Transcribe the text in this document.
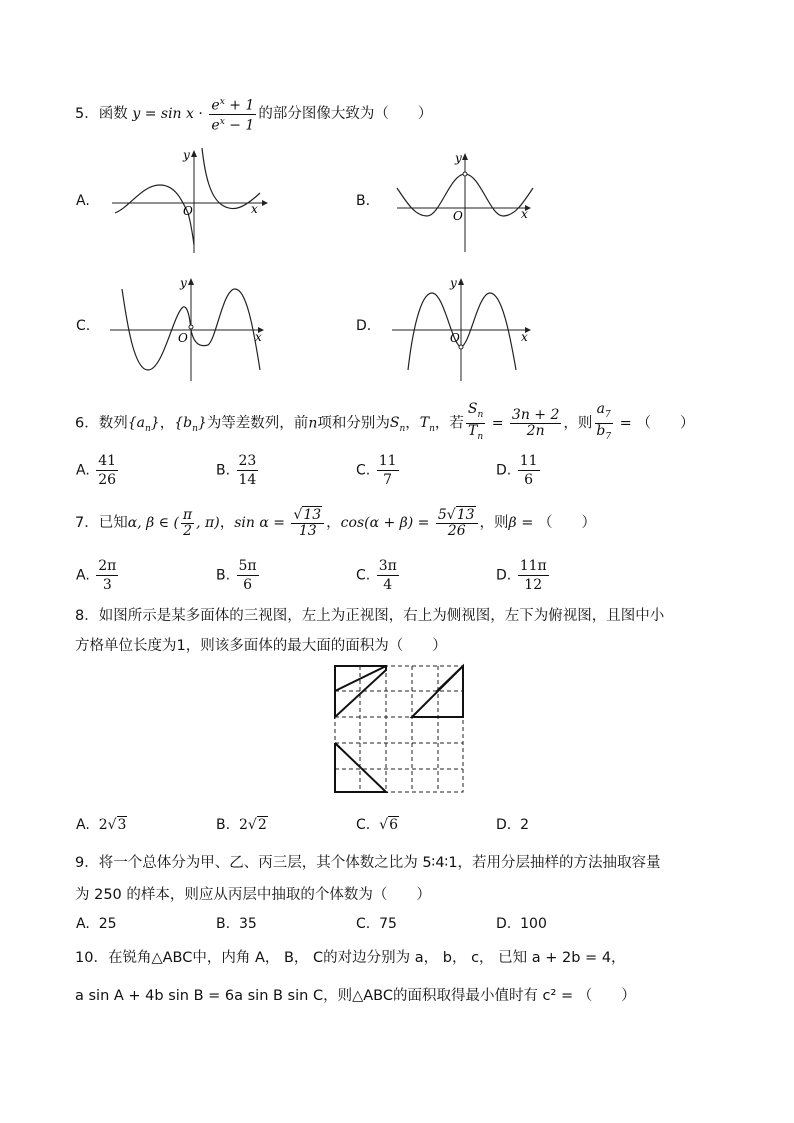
5．函数 $y = \sin x \cdot \frac{e^x + 1}{e^x - 1}$ 的部分图像大致为（　　）
A.
O	x
y
B.
O	x
y
C.
O	x
y
D.
O	x
y
6．数列$\{a_n\}$，$\{b_n\}$为等差数列，前n项和分别为$S_n$，$T_n$，若 $\frac{S_n}{T_n} = \frac{3n + 2}{2n}$ ，则 $\frac{a_7}{b_7}$ = （　　）
A. $\frac{41}{26}$	B. $\frac{23}{14}$	C. $\frac{11}{7}$	D. $\frac{11}{6}$
7．已知α, β ∈ ( $\frac{\pi}{2}$ , π)，$\sin \alpha = \frac{√13}{13}$ ，$\cos(\alpha + \beta) = \frac{5√13}{26}$ ，则β = （　　）
A. $\frac{2\pi}{3}$	B. $\frac{5\pi}{6}$	C. $\frac{3\pi}{4}$	D. $\frac{11\pi}{12}$
8．如图所示是某多面体的三视图，左上为正视图，右上为侧视图，左下为俯视图，且图中小
方格单位长度为1，则该多面体的最大面的面积为（　　）
A. 2√3	B. 2√2	C. √6	D. 2
9．将一个总体分为甲、乙、丙三层，其个体数之比为 5∶4∶1，若用分层抽样的方法抽取容量
为 250 的样本，则应从丙层中抽取的个体数为（　　）
A. 25	B. 35	C. 75	D. 100
10．在锐角△ABC中，内角 A， B， C的对边分别为 a， b， c， 已知 a + 2b = 4，
a sin A + 4b sin B = 6a sin B sin C，则△ABC的面积取得最小值时有 c² = （　　）
